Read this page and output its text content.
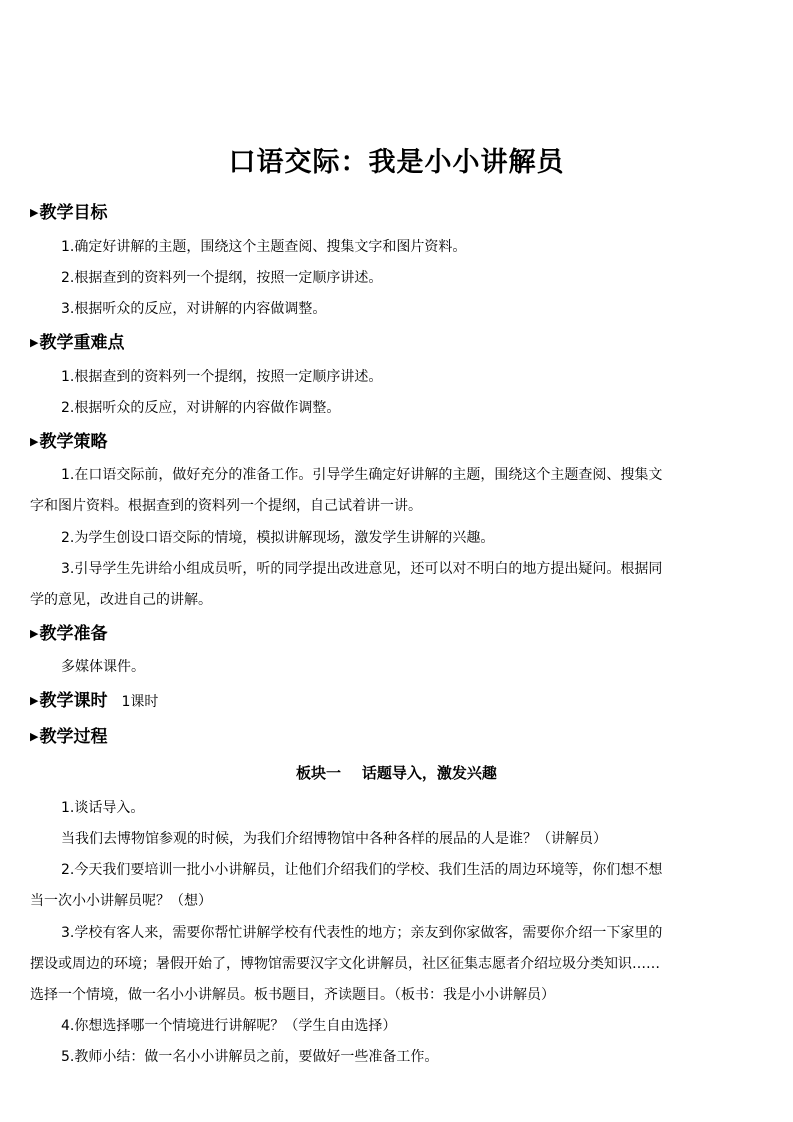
口语交际：我是小小讲解员
▶教学目标
1.确定好讲解的主题，围绕这个主题查阅、搜集文字和图片资料。
2.根据查到的资料列一个提纲，按照一定顺序讲述。
3.根据听众的反应，对讲解的内容做调整。
▶教学重难点
1.根据查到的资料列一个提纲，按照一定顺序讲述。
2.根据听众的反应，对讲解的内容做作调整。
▶教学策略
1.在口语交际前，做好充分的准备工作。引导学生确定好讲解的主题，围绕这个主题查阅、搜集文
字和图片资料。根据查到的资料列一个提纲，自己试着讲一讲。
2.为学生创设口语交际的情境，模拟讲解现场，激发学生讲解的兴趣。
3.引导学生先讲给小组成员听，听的同学提出改进意见，还可以对不明白的地方提出疑问。根据同
学的意见，改进自己的讲解。
▶教学准备
多媒体课件。
▶教学课时 1课时
▶教学过程
板块一    话题导入，激发兴趣
1.谈话导入。
当我们去博物馆参观的时候，为我们介绍博物馆中各种各样的展品的人是谁？（讲解员）
2.今天我们要培训一批小小讲解员，让他们介绍我们的学校、我们生活的周边环境等，你们想不想
当一次小小讲解员呢？（想）
3.学校有客人来，需要你帮忙讲解学校有代表性的地方；亲友到你家做客，需要你介绍一下家里的
摆设或周边的环境；暑假开始了，博物馆需要汉字文化讲解员，社区征集志愿者介绍垃圾分类知识……
选择一个情境，做一名小小讲解员。板书题目，齐读题目。（板书：我是小小讲解员）
4.你想选择哪一个情境进行讲解呢？（学生自由选择）
5.教师小结：做一名小小讲解员之前，要做好一些准备工作。
